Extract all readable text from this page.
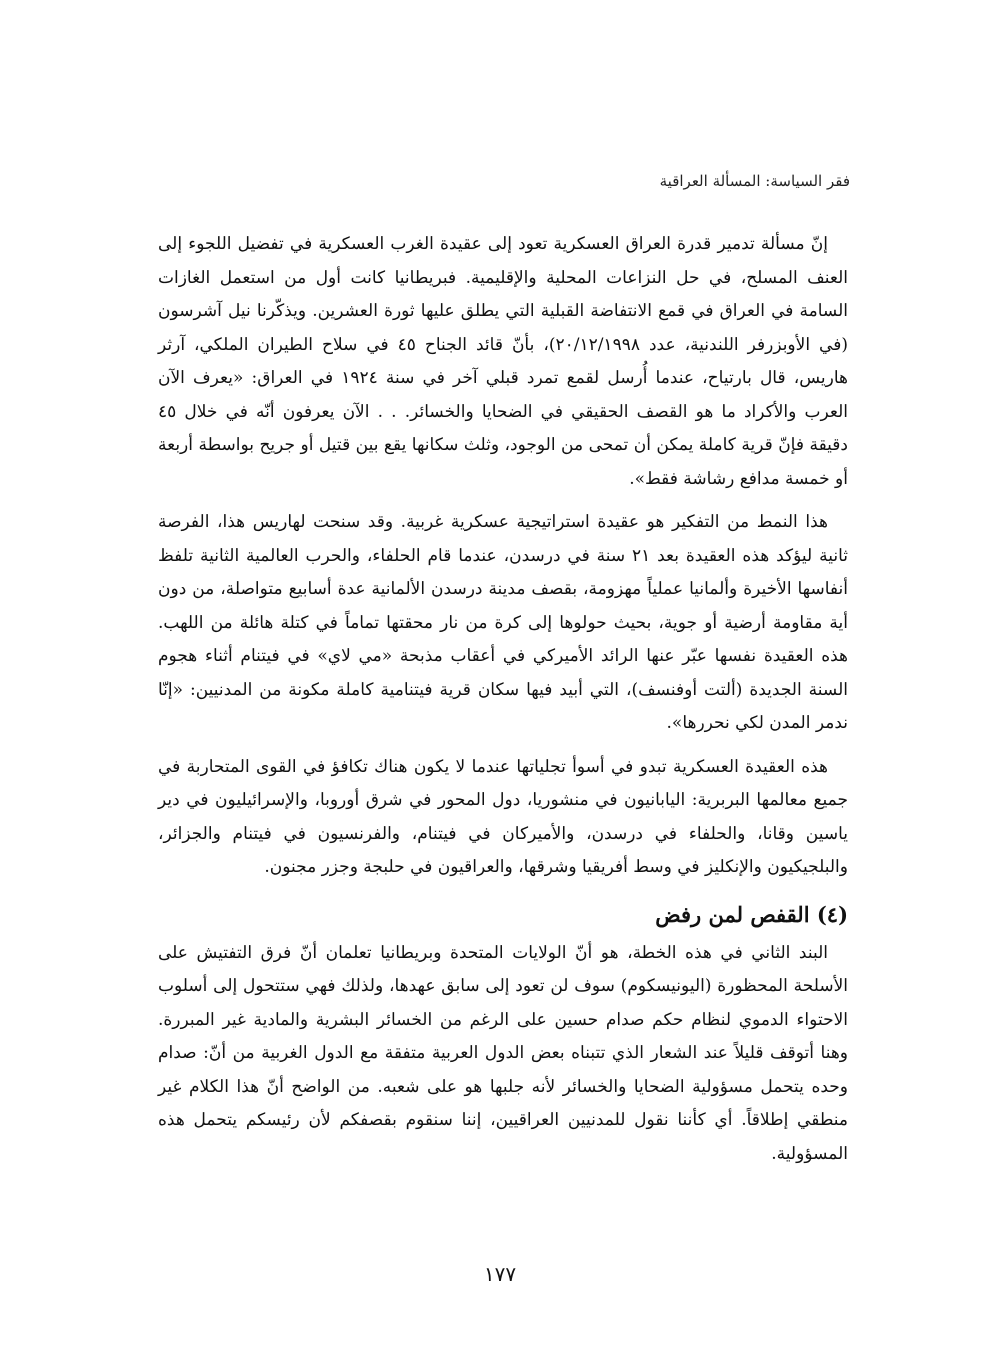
فقر السياسة: المسألة العراقية

إنّ مسألة تدمير قدرة العراق العسكرية تعود إلى عقيدة الغرب العسكرية في تفضيل اللجوء إلى العنف المسلح، في حل النزاعات المحلية والإقليمية. فبريطانيا كانت أول من استعمل الغازات السامة في العراق في قمع الانتفاضة القبلية التي يطلق عليها ثورة العشرين. ويذكّرنا نيل آشرسون (في الأوبزرفر اللندنية، عدد ٢٠/١٢/١٩٩٨)، بأنّ قائد الجناح ٤٥ في سلاح الطيران الملكي، آرثر هاريس، قال بارتياح، عندما أُرسل لقمع تمرد قبلي آخر في سنة ١٩٢٤ في العراق: «يعرف الآن العرب والأكراد ما هو القصف الحقيقي في الضحايا والخسائر. . . الآن يعرفون أنّه في خلال ٤٥ دقيقة فإنّ قرية كاملة يمكن أن تمحى من الوجود، وثلث سكانها يقع بين قتيل أو جريح بواسطة أربعة أو خمسة مدافع رشاشة فقط».

هذا النمط من التفكير هو عقيدة استراتيجية عسكرية غربية. وقد سنحت لهاريس هذا، الفرصة ثانية ليؤكد هذه العقيدة بعد ٢١ سنة في درسدن، عندما قام الحلفاء، والحرب العالمية الثانية تلفظ أنفاسها الأخيرة وألمانيا عملياً مهزومة، بقصف مدينة درسدن الألمانية عدة أسابيع متواصلة، من دون أية مقاومة أرضية أو جوية، بحيث حولوها إلى كرة من نار محقتها تماماً في كتلة هائلة من اللهب. هذه العقيدة نفسها عبّر عنها الرائد الأميركي في أعقاب مذبحة «مي لاي» في فيتنام أثناء هجوم السنة الجديدة (ألتت أوفنسف)، التي أبيد فيها سكان قرية فيتنامية كاملة مكونة من المدنيين: «إنّا ندمر المدن لكي نحررها».

هذه العقيدة العسكرية تبدو في أسوأ تجلياتها عندما لا يكون هناك تكافؤ في القوى المتحاربة في جميع معالمها البربرية: اليابانيون في منشوريا، دول المحور في شرق أوروبا، والإسرائيليون في دير ياسين وقانا، والحلفاء في درسدن، والأميركان في فيتنام، والفرنسيون في فيتنام والجزائر، والبلجيكيون والإنكليز في وسط أفريقيا وشرقها، والعراقيون في حلبجة وجزر مجنون.

(٤) القفص لمن رفض

البند الثاني في هذه الخطة، هو أنّ الولايات المتحدة وبريطانيا تعلمان أنّ فرق التفتيش على الأسلحة المحظورة (اليونيسكوم) سوف لن تعود إلى سابق عهدها، ولذلك فهي ستتحول إلى أسلوب الاحتواء الدموي لنظام حكم صدام حسين على الرغم من الخسائر البشرية والمادية غير المبررة. وهنا أتوقف قليلاً عند الشعار الذي تتبناه بعض الدول العربية متفقة مع الدول الغربية من أنّ: صدام وحده يتحمل مسؤولية الضحايا والخسائر لأنه جلبها هو على شعبه. من الواضح أنّ هذا الكلام غير منطقي إطلاقاً. أي كأننا نقول للمدنيين العراقيين، إننا سنقوم بقصفكم لأن رئيسكم يتحمل هذه المسؤولية.

١٧٧
